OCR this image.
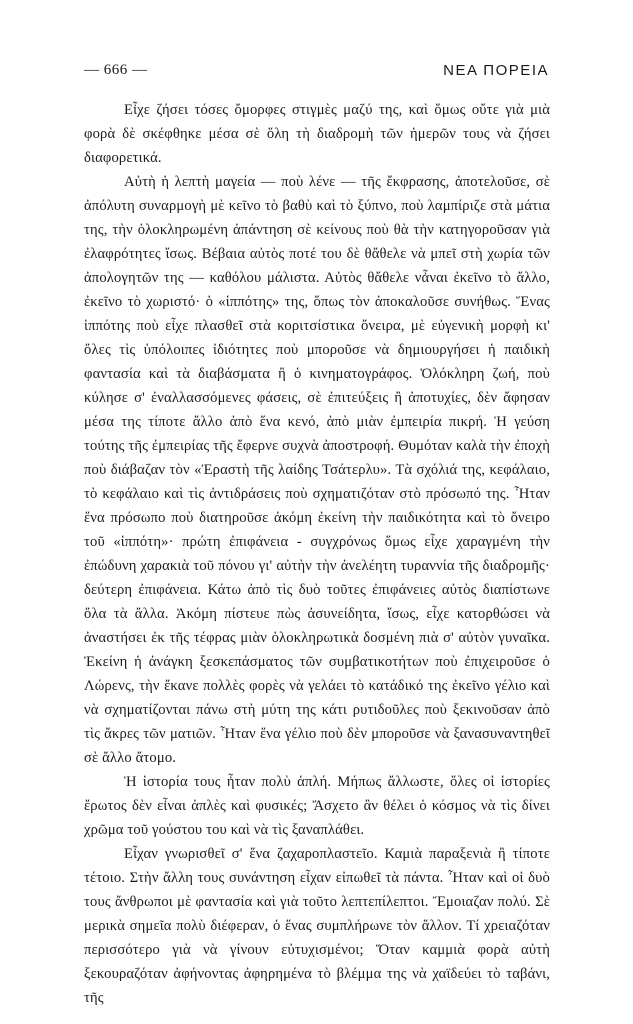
— 666 —	ΝΕΑ ΠΟΡΕΙΑ

Εἶχε ζήσει τόσες ὄμορφες στιγμὲς μαζύ της, καὶ ὅμως οὔτε γιὰ μιὰ φορὰ δὲ σκέφθηκε μέσα σὲ ὅλη τὴ διαδρομὴ τῶν ἡμερῶν τους νὰ ζήσει διαφορετικά.

Αὐτὴ ἡ λεπτὴ μαγεία — ποὺ λένε — τῆς ἔκφρασης, ἀποτελοῦσε, σὲ ἀπόλυτη συναρμογὴ μὲ κεῖνο τὸ βαθὺ καὶ τὸ ξύπνο, ποὺ λαμπίριζε στὰ μάτια της, τὴν ὁλοκληρωμένη ἀπάντηση σὲ κείνους ποὺ θὰ τὴν κατηγοροῦσαν γιὰ ἐλαφρότητες ἴσως. Βέβαια αὐτὸς ποτέ του δὲ θἄθελε νὰ μπεῖ στὴ χωρία τῶν ἀπολογητῶν της — καθόλου μάλιστα. Αὐτὸς θἄθελε νἆναι ἐκεῖνο τὸ ἄλλο, ἐκεῖνο τὸ χωριστό· ὁ «ἱππότης» της, ὅπως τὸν ἀποκαλοῦσε συνήθως. Ἕνας ἱππότης ποὺ εἶχε πλασθεῖ στὰ κοριτσίστικα ὄνειρα, μὲ εὐγενικὴ μορφὴ κι' ὅλες τὶς ὑπόλοιπες ἰδιότητες ποὺ μποροῦσε νὰ δημιουργήσει ἡ παιδικὴ φαντασία καὶ τὰ διαβάσματα ἢ ὁ κινηματογράφος. Ὁλόκληρη ζωή, ποὺ κύλησε σ' ἐναλλασσόμενες φάσεις, σὲ ἐπιτεύξεις ἢ ἀποτυχίες, δὲν ἄφησαν μέσα της τίποτε ἄλλο ἀπὸ ἕνα κενό, ἀπὸ μιὰν ἐμπειρία πικρή. Ἡ γεύση τούτης τῆς ἐμπειρίας τῆς ἔφερνε συχνὰ ἀποστροφή. Θυμόταν καλὰ τὴν ἐποχὴ ποὺ διάβαζαν τὸν «Ἐραστὴ τῆς λαίδης Τσάτερλυ». Τὰ σχόλιά της, κεφάλαιο, τὸ κεφάλαιο καὶ τὶς ἀντιδράσεις ποὺ σχηματιζόταν στὸ πρόσωπό της. Ἦταν ἕνα πρόσωπο ποὺ διατηροῦσε ἀκόμη ἐκείνη τὴν παιδικότητα καὶ τὸ ὄνειρο τοῦ «ἱππότη»· πρώτη ἐπιφάνεια - συγχρόνως ὅμως εἶχε χαραγμένη τὴν ἐπώδυνη χαρακιὰ τοῦ πόνου γι' αὐτὴν τὴν ἀνελέητη τυραννία τῆς διαδρομῆς· δεύτερη ἐπιφάνεια. Κάτω ἀπὸ τὶς δυὸ τοῦτες ἐπιφάνειες αὐτὸς διαπίστωνε ὅλα τὰ ἄλλα. Ἀκόμη πίστευε πὼς ἀσυνείδητα, ἴσως, εἶχε κατορθώσει νὰ ἀναστήσει ἐκ τῆς τέφρας μιὰν ὁλοκληρωτικὰ δοσμένη πιὰ σ' αὐτὸν γυναῖκα. Ἐκείνη ἡ ἀνάγκη ξεσκεπάσματος τῶν συμβατικοτήτων ποὺ ἐπιχειροῦσε ὁ Λώρενς, τὴν ἔκανε πολλὲς φορὲς νὰ γελάει τὸ κατάδικό της ἐκεῖνο γέλιο καὶ νὰ σχηματίζονται πάνω στὴ μύτη της κάτι ρυτιδοῦλες ποὺ ξεκινοῦσαν ἀπὸ τὶς ἄκρες τῶν ματιῶν. Ἦταν ἕνα γέλιο ποὺ δὲν μποροῦσε νὰ ξανασυναντηθεῖ σὲ ἄλλο ἄτομο.

Ἡ ἱστορία τους ἦταν πολὺ ἁπλή. Μήπως ἄλλωστε, ὅλες οἱ ἱστορίες ἔρωτος δὲν εἶναι ἁπλὲς καὶ φυσικές; Ἄσχετο ἂν θέλει ὁ κόσμος νὰ τὶς δίνει χρῶμα τοῦ γούστου του καὶ νὰ τὶς ξαναπλάθει.

Εἶχαν γνωρισθεῖ σ' ἕνα ζαχαροπλαστεῖο. Καμιὰ παραξενιὰ ἢ τίποτε τέτοιο. Στὴν ἄλλη τους συνάντηση εἶχαν εἰπωθεῖ τὰ πάντα. Ἦταν καὶ οἱ δυὸ τους ἄνθρωποι μὲ φαντασία καὶ γιὰ τοῦτο λεπτεπίλεπτοι. Ἔμοιαζαν πολύ. Σὲ μερικὰ σημεῖα πολὺ διέφεραν, ὁ ἕνας συμπλήρωνε τὸν ἄλλον. Τί χρειαζόταν περισσότερο γιὰ νὰ γίνουν εὐτυχισμένοι; Ὅταν καμμιὰ φορὰ αὐτὴ ξεκουραζόταν ἀφήνοντας ἀφηρημένα τὸ βλέμμα της νὰ χαϊδεύει τὸ ταβάνι, τῆς
